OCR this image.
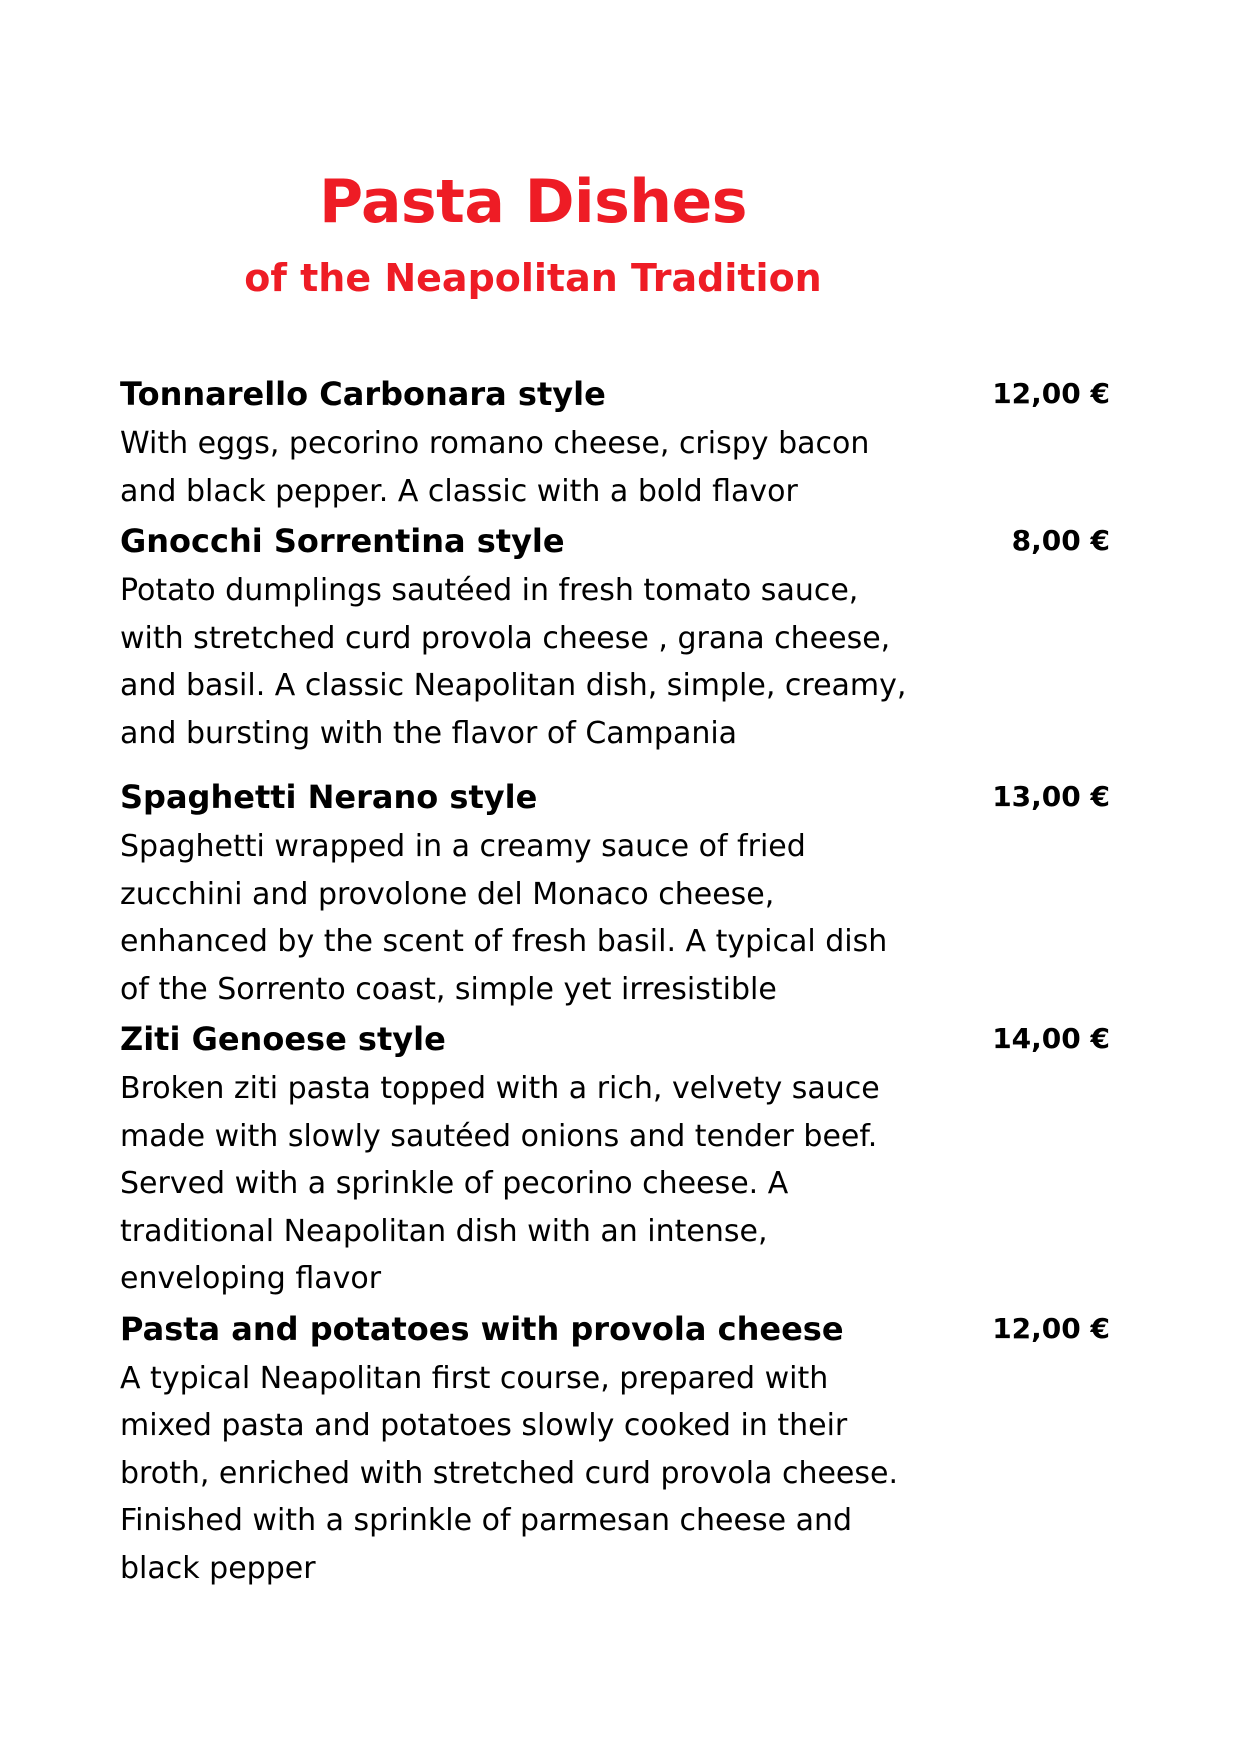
Pasta Dishes
of the Neapolitan Tradition
Tonnarello Carbonara style	12,00 €

With eggs, pecorino romano cheese, crispy bacon
and black pepper. A classic with a bold flavor

Gnocchi Sorrentina style	8,00 €

Potato dumplings sautéed in fresh tomato sauce,
with stretched curd provola cheese , grana cheese,
and basil. A classic Neapolitan dish, simple, creamy,
and bursting with the flavor of Campania

Spaghetti Nerano style	13,00 €

Spaghetti wrapped in a creamy sauce of fried
zucchini and provolone del Monaco cheese,
enhanced by the scent of fresh basil. A typical dish
of the Sorrento coast, simple yet irresistible

Ziti Genoese style	14,00 €

Broken ziti pasta topped with a rich, velvety sauce
made with slowly sautéed onions and tender beef.
Served with a sprinkle of pecorino cheese. A
traditional Neapolitan dish with an intense,
enveloping flavor

Pasta and potatoes with provola cheese	12,00 €

A typical Neapolitan first course, prepared with
mixed pasta and potatoes slowly cooked in their
broth, enriched with stretched curd provola cheese.
Finished with a sprinkle of parmesan cheese and
black pepper
